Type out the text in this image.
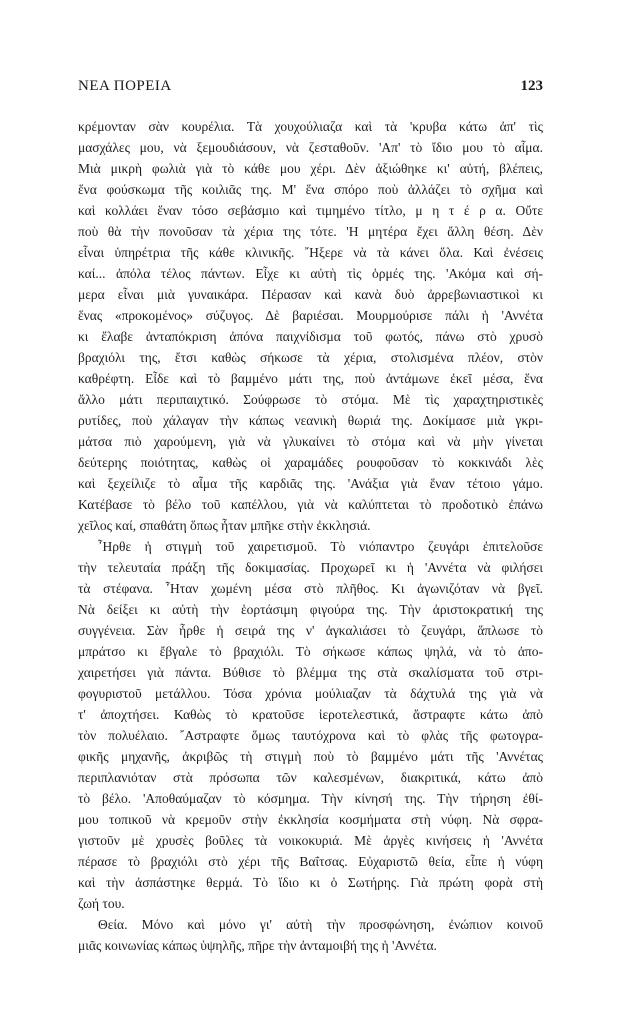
ΝΕΑ ΠΟΡΕΙΑ	123
κρέμονταν σὰν κουρέλια. Τὰ χουχούλιαζα καὶ τὰ 'κρυβα κάτω ἀπ' τὶς
μασχάλες μου, νὰ ξεμουδιάσουν, νὰ ζεσταθοῦν. 'Απ' τὸ ἴδιο μου τὸ αἷμα.
Μιὰ μικρὴ φωλιὰ γιὰ τὸ κάθε μου χέρι. Δὲν ἀξιώθηκε κι' αὐτή, βλέπεις,
ἕνα φούσκωμα τῆς κοιλιᾶς της. Μ' ἕνα σπόρο ποὺ ἀλλάζει τὸ σχῆμα καὶ
καὶ κολλάει ἕναν τόσο σεβάσμιο καὶ τιμημένο τίτλο, μ η τ έ ρ α. Οὔτε
ποὺ θὰ τὴν πονοῦσαν τὰ χέρια της τότε. 'Η μητέρα ἔχει ἄλλη θέση. Δὲν
εἶναι ὑπηρέτρια τῆς κάθε κλινικῆς. ῎Ηξερε νὰ τὰ κάνει ὅλα. Καὶ ἐνέσεις
καί... ἀπόλα τέλος πάντων. Εἶχε κι αὐτὴ τὶς ὁρμές της. 'Ακόμα καὶ σή-
μερα εἶναι μιὰ γυναικάρα. Πέρασαν καὶ κανὰ δυὸ ἀρρεβωνιαστικοὶ κι
ἕνας «προκομένος» σύζυγος. Δὲ βαριέσαι. Μουρμούρισε πάλι ἡ 'Αννέτα
κι ἔλαβε ἀνταπόκριση ἀπόνα παιχνίδισμα τοῦ φωτός, πάνω στὸ χρυσὸ
βραχιόλι της, ἔτσι καθὼς σήκωσε τὰ χέρια, στολισμένα πλέον, στὸν
καθρέφτη. Εἶδε καὶ τὸ βαμμένο μάτι της, ποὺ ἀντάμωνε ἐκεῖ μέσα, ἕνα
ἄλλο μάτι περιπαιχτικό. Σούφρωσε τὸ στόμα. Μὲ τὶς χαραχτηριστικὲς
ρυτίδες, ποὺ χάλαγαν τὴν κάπως νεανικὴ θωριά της. Δοκίμασε μιὰ γκρι-
μάτσα πιὸ χαρούμενη, γιὰ νὰ γλυκαίνει τὸ στόμα καὶ νὰ μὴν γίνεται
δεύτερης ποιότητας, καθὼς οἱ χαραμάδες ρουφοῦσαν τὸ κοκκινάδι λὲς
καὶ ξεχείλιζε τὸ αἷμα τῆς καρδιᾶς της. 'Ανάξια γιὰ ἕναν τέτοιο γάμο.
Κατέβασε τὸ βέλο τοῦ καπέλλου, γιὰ νὰ καλύπτεται τὸ προδοτικὸ ἐπάνω
χεῖλος καί, σπαθάτη ὅπως ἦταν μπῆκε στὴν ἐκκλησιά.
῏Ηρθε ἡ στιγμὴ τοῦ χαιρετισμοῦ. Τὸ νιόπαντρο ζευγάρι ἐπιτελοῦσε
τὴν τελευταία πράξη τῆς δοκιμασίας. Προχωρεῖ κι ἡ 'Αννέτα νὰ φιλήσει
τὰ στέφανα. ῏Ηταν χωμένη μέσα στὸ πλῆθος. Κι ἀγωνιζόταν νὰ βγεῖ.
Νὰ δείξει κι αὐτὴ τὴν ἑορτάσιμη φιγούρα της. Τὴν ἀριστοκρατική της
συγγένεια. Σὰν ἦρθε ἡ σειρά της ν' ἀγκαλιάσει τὸ ζευγάρι, ἅπλωσε τὸ
μπράτσο κι ἔβγαλε τὸ βραχιόλι. Τὸ σήκωσε κάπως ψηλά, νὰ τὸ ἀπο-
χαιρετήσει γιὰ πάντα. Βύθισε τὸ βλέμμα της στὰ σκαλίσματα τοῦ στρι-
φογυριστοῦ μετάλλου. Τόσα χρόνια μούλιαζαν τὰ δάχτυλά της γιὰ νὰ
τ' ἀποχτήσει. Καθὼς τὸ κρατοῦσε ἱεροτελεστικά, ἄστραφτε κάτω ἀπὸ
τὸν πολυέλαιο. ῎Αστραφτε ὅμως ταυτόχρονα καὶ τὸ φλὰς τῆς φωτογρα-
φικῆς μηχανῆς, ἀκριβῶς τὴ στιγμὴ ποὺ τὸ βαμμένο μάτι τῆς 'Αννέτας
περιπλανιόταν στὰ πρόσωπα τῶν καλεσμένων, διακριτικά, κάτω ἀπὸ
τὸ βέλο. 'Αποθαύμαζαν τὸ κόσμημα. Τὴν κίνησή της. Τὴν τήρηση ἐθί-
μου τοπικοῦ νὰ κρεμοῦν στὴν ἐκκλησία κοσμήματα στὴ νύφη. Νὰ σφρα-
γιστοῦν μὲ χρυσὲς βοῦλες τὰ νοικοκυριά. Μὲ ἀργὲς κινήσεις ἡ 'Αννέτα
πέρασε τὸ βραχιόλι στὸ χέρι τῆς Βαΐτσας. Εὐχαριστῶ θεία, εἶπε ἡ νύφη
καὶ τὴν ἀσπάστηκε θερμά. Τὸ ἴδιο κι ὁ Σωτήρης. Γιὰ πρώτη φορὰ στὴ
ζωή του.
Θεία. Μόνο καὶ μόνο γι' αὐτὴ τὴν προσφώνηση, ἐνώπιον κοινοῦ
μιᾶς κοινωνίας κάπως ὑψηλῆς, πῆρε τὴν ἀνταμοιβή της ἡ 'Αννέτα.
